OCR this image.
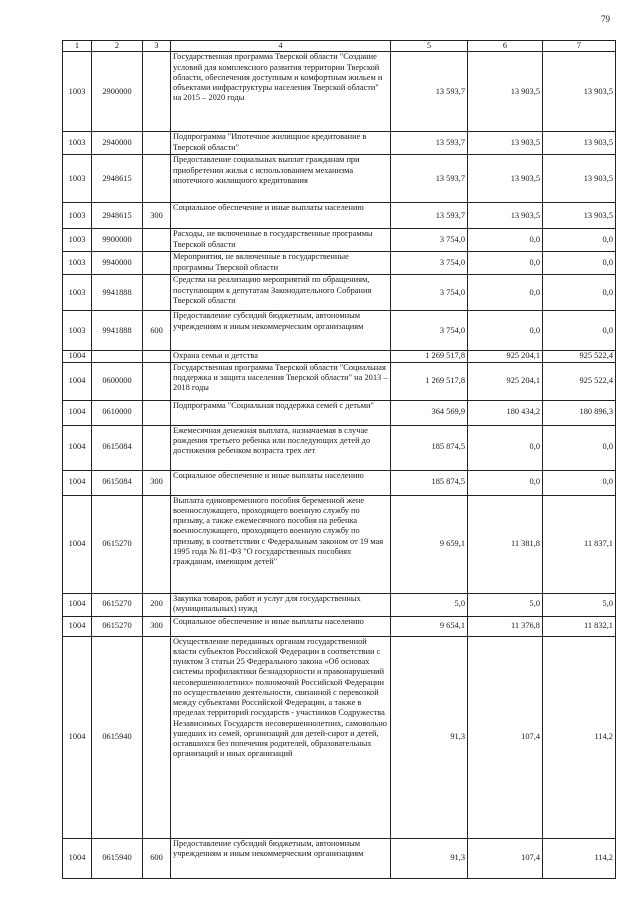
79
1	2	3	4	5	6	7
1003	2900000		Государственная программа Тверской области "Создание условий для комплексного развития территории Тверской области, обеспечения доступным и комфортным жильем и объектами инфраструктуры населения Тверской области" на 2015 – 2020 годы	13 593,7	13 903,5	13 903,5
1003	2940000		Подпрограмма "Ипотечное жилищное кредитование в Тверской области"	13 593,7	13 903,5	13 903,5
1003	2948615		Предоставление социальных выплат гражданам при приобретении жилья с использованием механизма ипотечного жилищного кредитования	13 593,7	13 903,5	13 903,5
1003	2948615	300	Социальное обеспечение и иные выплаты населению	13 593,7	13 903,5	13 903,5
1003	9900000		Расходы, не включенные в государственные программы Тверской области	3 754,0	0,0	0,0
1003	9940000		Мероприятия, не включенные в государственные программы Тверской области	3 754,0	0,0	0,0
1003	9941888		Средства на реализацию мероприятий по обращениям, поступающим к депутатам Законодательного Собрания Тверской области	3 754,0	0,0	0,0
1003	9941888	600	Предоставление субсидий бюджетным, автономным учреждениям и иным некоммерческим организациям	3 754,0	0,0	0,0
1004			Охрана семьи и детства	1 269 517,8	925 204,1	925 522,4
1004	0600000		Государственная программа Тверской области "Социальная поддержка и защита населения Тверской области" на 2013 – 2018 годы	1 269 517,8	925 204,1	925 522,4
1004	0610000		Подпрограмма "Социальная поддержка семей с детьми"	364 569,9	180 434,2	180 896,3
1004	0615084		Ежемесячная денежная выплата, назначаемая в случае рождения третьего ребенка или последующих детей до достижения ребенком возраста трех лет	185 874,5	0,0	0,0
1004	0615084	300	Социальное обеспечение и иные выплаты населению	185 874,5	0,0	0,0
1004	0615270		Выплата единовременного пособия беременной жене военнослужащего, проходящего военную службу по призыву, а также ежемесячного пособия на ребенка военнослужащего, проходящего военную службу по призыву, в соответствии с Федеральным законом от 19 мая 1995 года № 81-ФЗ "О государственных пособиях гражданам, имеющим детей"	9 659,1	11 381,8	11 837,1
1004	0615270	200	Закупка товаров, работ и услуг для государственных (муниципальных) нужд	5,0	5,0	5,0
1004	0615270	300	Социальное обеспечение и иные выплаты населению	9 654,1	11 376,8	11 832,1
1004	0615940		Осуществление переданных органам государственной власти субъектов Российской Федерации в соответствии с пунктом 3 статьи 25 Федерального закона «Об основах системы профилактики безнадзорности и правонарушений несовершеннолетних» полномочий Российской Федерации по осуществлению деятельности, связанной с перевозкой между субъектами Российской Федерации, а также в пределах территорий государств - участников Содружества Независимых Государств несовершеннолетних, самовольно ушедших из семей, организаций для детей-сирот и детей, оставшихся без попечения родителей, образовательных организаций и иных организаций	91,3	107,4	114,2
1004	0615940	600	Предоставление субсидий бюджетным, автономным учреждениям и иным некоммерческим организациям	91,3	107,4	114,2
